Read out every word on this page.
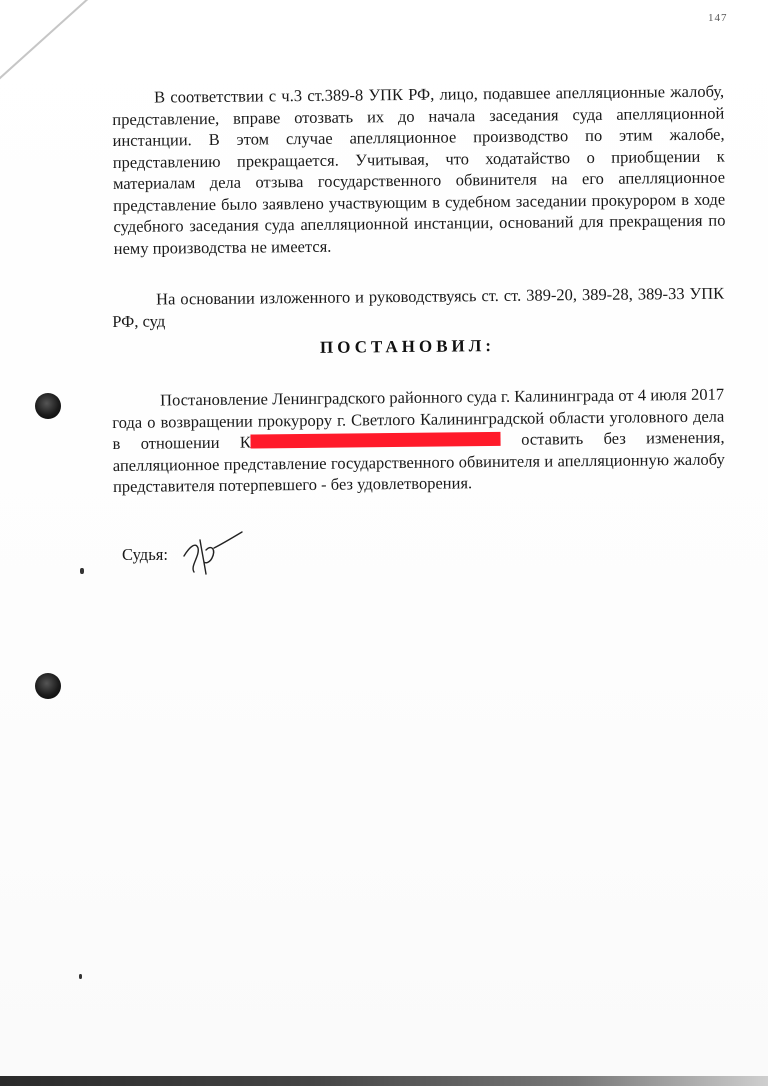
147

В соответствии с ч.3 ст.389-8 УПК РФ, лицо, подавшее апелляционные жалобу, представление, вправе отозвать их до начала заседания суда апелляционной инстанции. В этом случае апелляционное производство по этим жалобе, представлению прекращается. Учитывая, что ходатайство о приобщении к материалам дела отзыва государственного обвинителя на его апелляционное представление было заявлено участвующим в судебном заседании прокурором в ходе судебного заседания суда апелляционной инстанции, оснований для прекращения по нему производства не имеется.

На основании изложенного и руководствуясь ст. ст. 389-20, 389-28, 389-33 УПК РФ, суд

ПОСТАНОВИЛ:

Постановление Ленинградского районного суда г. Калининграда от 4 июля 2017 года о возвращении прокурору г. Светлого Калининградской области уголовного дела в отношении К	оставить без изменения, апелляционное представление государственного обвинителя и апелляционную жалобу представителя потерпевшего - без удовлетворения.

Судья:
